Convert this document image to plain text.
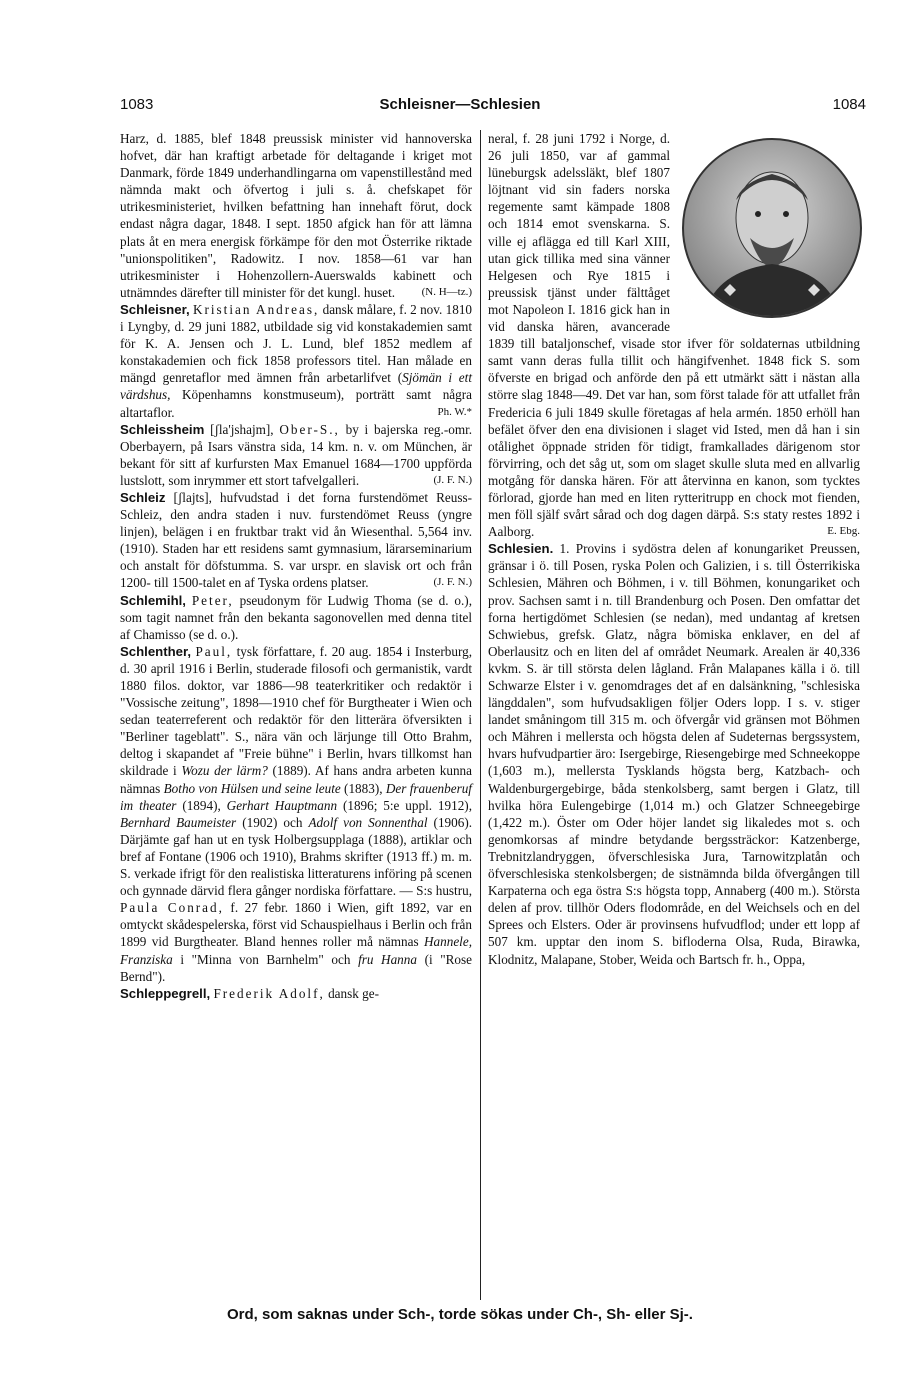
1083	Schleisner—Schlesien	1084

Harz, d. 1885, blef 1848 preussisk minister vid hannoverska hofvet, där han kraftigt arbetade för deltagande i kriget mot Danmark, förde 1849 underhandlingarna om vapenstillestånd med nämnda makt och öfvertog i juli s. å. chefskapet för utrikesministeriet, hvilken befattning han innehaft förut, dock endast några dagar, 1848. I sept. 1850 afgick han för att lämna plats åt en mera energisk förkämpe för den mot Österrike riktade "unionspolitiken", Radowitz. I nov. 1858—61 var han utrikesminister i Hohenzollern-Auerswalds kabinett och utnämndes därefter till minister för det kungl. huset. (N. H—tz.)

Schleisner, Kristian Andreas, dansk målare, f. 2 nov. 1810 i Lyngby, d. 29 juni 1882, utbildade sig vid konstakademien samt för K. A. Jensen och J. L. Lund, blef 1852 medlem af konstakademien och fick 1858 professors titel. Han målade en mängd genretaflor med ämnen från arbetarlifvet (Sjömän i ett värdshus, Köpenhamns konstmuseum), porträtt samt några altartaflor.	Ph. W.*

Schleissheim [ʃla'jshajm], Ober-S., by i bajerska reg.-omr. Oberbayern, på Isars vänstra sida, 14 km. n. v. om München, är bekant för sitt af kurfursten Max Emanuel 1684—1700 uppförda lustslott, som inrymmer ett stort tafvelgalleri.	(J. F. N.)

Schleiz [ʃlajts], hufvudstad i det forna furstendömet Reuss-Schleiz, den andra staden i nuv. furstendömet Reuss (yngre linjen), belägen i en fruktbar trakt vid ån Wiesenthal. 5,564 inv. (1910). Staden har ett residens samt gymnasium, lärarseminarium och anstalt för döfstumma. S. var urspr. en slavisk ort och från 1200- till 1500-talet en af Tyska ordens platser.	(J. F. N.)

Schlemihl, Peter, pseudonym för Ludwig Thoma (se d. o.), som tagit namnet från den bekanta sagonovellen med denna titel af Chamisso (se d. o.).

Schlenther, Paul, tysk författare, f. 20 aug. 1854 i Insterburg, d. 30 april 1916 i Berlin, studerade filosofi och germanistik, vardt 1880 filos. doktor, var 1886—98 teaterkritiker och redaktör i "Vossische zeitung", 1898—1910 chef för Burgtheater i Wien och sedan teaterreferent och redaktör för den litterära öfversikten i "Berliner tageblatt". S., nära vän och lärjunge till Otto Brahm, deltog i skapandet af "Freie bühne" i Berlin, hvars tillkomst han skildrade i Wozu der lärm? (1889). Af hans andra arbeten kunna nämnas Botho von Hülsen und seine leute (1883), Der frauenberuf im theater (1894), Gerhart Hauptmann (1896; 5:e uppl. 1912), Bernhard Baumeister (1902) och Adolf von Sonnenthal (1906). Därjämte gaf han ut en tysk Holbergsupplaga (1888), artiklar och bref af Fontane (1906 och 1910), Brahms skrifter (1913 ff.) m. m. S. verkade ifrigt för den realistiska litteraturens införing på scenen och gynnade därvid flera gånger nordiska författare. — S:s hustru, Paula Conrad, f. 27 febr. 1860 i Wien, gift 1892, var en omtyckt skådespelerska, först vid Schauspielhaus i Berlin och från 1899 vid Burgtheater. Bland hennes roller må nämnas Hannele, Franziska i "Minna von Barnhelm" och fru Hanna (i "Rose Bernd").

Schleppegrell, Frederik Adolf, dansk ge-

neral, f. 28 juni 1792 i Norge, d. 26 juli 1850, var af gammal lüneburgsk adelssläkt, blef 1807 löjtnant vid sin faders norska regemente samt kämpade 1808 och 1814 emot svenskarna. S. ville ej aflägga ed till Karl XIII, utan gick tillika med sina vänner Helgesen och Rye 1815 i preussisk tjänst under fälttåget mot Napoleon I. 1816 gick han in vid danska hären, avancerade 1839 till bataljonschef, visade stor ifver för soldaternas utbildning samt vann deras fulla tillit och hängifvenhet. 1848 fick S. som öfverste en brigad och anförde den på ett utmärkt sätt i nästan alla större slag 1848—49. Det var han, som först talade för att utfallet från Fredericia 6 juli 1849 skulle företagas af hela armén. 1850 erhöll han befälet öfver den ena divisionen i slaget vid Isted, men då han i sin otålighet öppnade striden för tidigt, framkallades därigenom stor förvirring, och det såg ut, som om slaget skulle sluta med en allvarlig motgång för danska hären. För att återvinna en kanon, som tycktes förlorad, gjorde han med en liten rytteritrupp en chock mot fienden, men föll själf svårt sårad och dog dagen därpå. S:s staty restes 1892 i Aalborg.	E. Ebg.

Schlesien. 1. Provins i sydöstra delen af konungariket Preussen, gränsar i ö. till Posen, ryska Polen och Galizien, i s. till Österrikiska Schlesien, Mähren och Böhmen, i v. till Böhmen, konungariket och prov. Sachsen samt i n. till Brandenburg och Posen. Den omfattar det forna hertigdömet Schlesien (se nedan), med undantag af kretsen Schwiebus, grefsk. Glatz, några bömiska enklaver, en del af Oberlausitz och en liten del af området Neumark. Arealen är 40,336 kvkm. S. är till största delen lågland. Från Malapanes källa i ö. till Schwarze Elster i v. genomdrages det af en dalsänkning, "schlesiska längddalen", som hufvudsakligen följer Oders lopp. I s. v. stiger landet småningom till 315 m. och öfvergår vid gränsen mot Böhmen och Mähren i mellersta och högsta delen af Sudeternas bergssystem, hvars hufvudpartier äro: Isergebirge, Riesengebirge med Schneekoppe (1,603 m.), mellersta Tysklands högsta berg, Katzbach- och Waldenburgergebirge, båda stenkolsberg, samt bergen i Glatz, till hvilka höra Eulengebirge (1,014 m.) och Glatzer Schneegebirge (1,422 m.). Öster om Oder höjer landet sig likaledes mot s. och genomkorsas af mindre betydande bergssträckor: Katzenberge, Trebnitzlandryggen, öfverschlesiska Jura, Tarnowitzplatån och öfverschlesiska stenkolsbergen; de sistnämnda bilda öfvergången till Karpaterna och ega östra S:s högsta topp, Annaberg (400 m.). Största delen af prov. tillhör Oders flodområde, en del Weichsels och en del Sprees och Elsters. Oder är provinsens hufvudflod; under ett lopp af 507 km. upptar den inom S. bifloderna Olsa, Ruda, Birawka, Klodnitz, Malapane, Stober, Weida och Bartsch fr. h., Oppa,

Ord, som saknas under Sch-, torde sökas under Ch-, Sh- eller Sj-.
